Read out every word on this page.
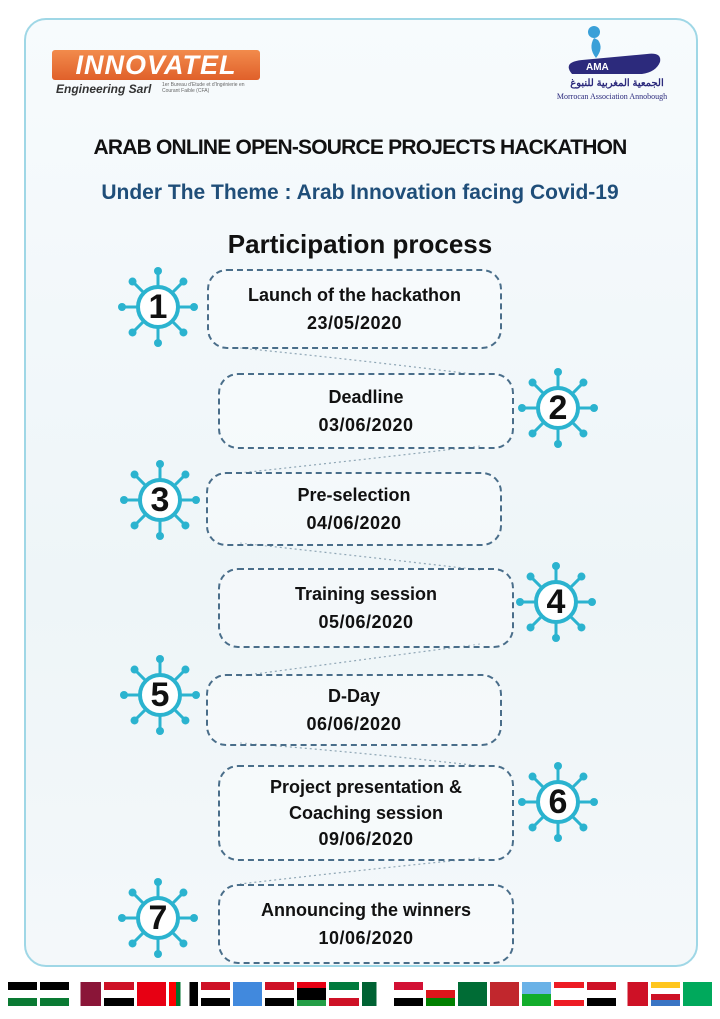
INNOVATEL
Engineering Sarl 1er Bureau d'Etude et d'Ingénierie en Courant Faible (CFA)
AMA
الجمعية المغربية للنبوغ
Morrocan Association Annobough
ARAB ONLINE OPEN-SOURCE PROJECTS HACKATHON
Under The Theme : Arab Innovation facing Covid-19
Participation process
Launch of the hackathon
23/05/2020
Deadline
03/06/2020
Pre-selection
04/06/2020
Training session
05/06/2020
D-Day
06/06/2020
Project presentation &
Coaching session
09/06/2020
Announcing the winners
10/06/2020
1
2
3
4
5
6
7
